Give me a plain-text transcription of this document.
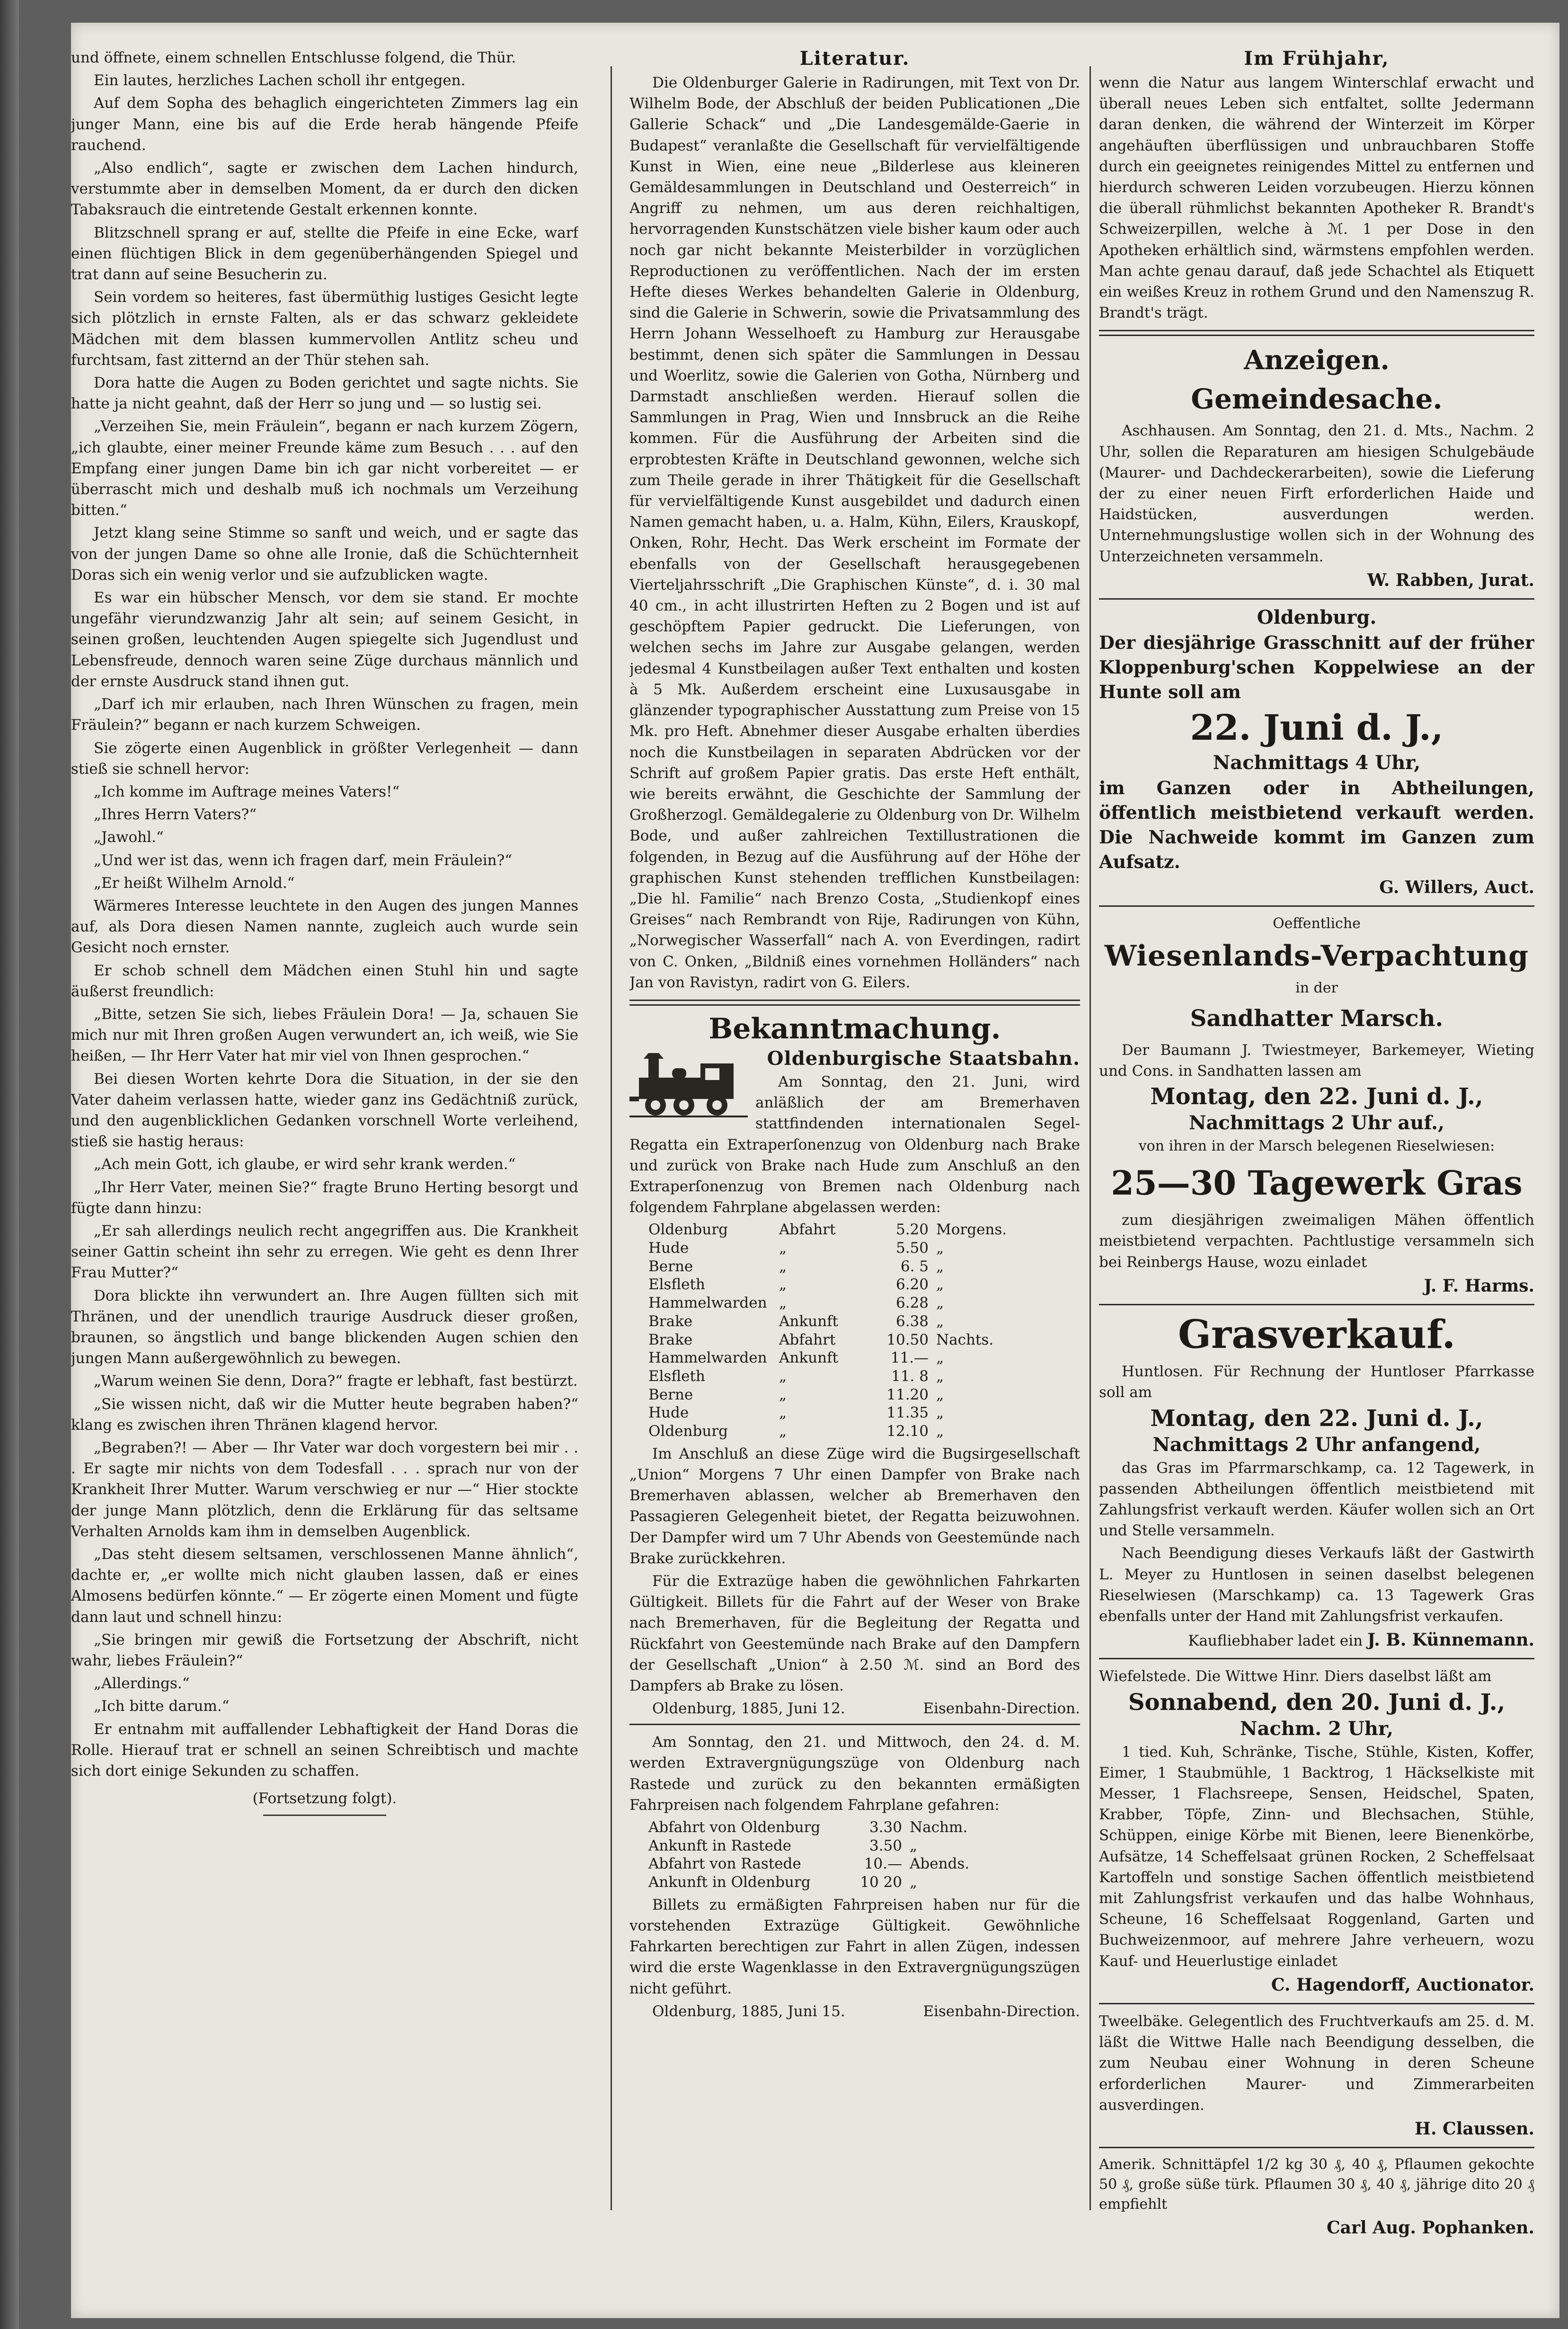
und öffnete, einem schnellen Entschlusse folgend, die Thür.

Ein lautes, herzliches Lachen scholl ihr entgegen.

Auf dem Sopha des behaglich eingerichteten Zimmers lag ein junger Mann, eine bis auf die Erde herab hängende Pfeife rauchend.

„Also endlich“, sagte er zwischen dem Lachen hindurch, verstummte aber in demselben Moment, da er durch den dicken Tabaksrauch die eintretende Gestalt erkennen konnte.

Blitzschnell sprang er auf, stellte die Pfeife in eine Ecke, warf einen flüchtigen Blick in dem gegenüberhängenden Spiegel und trat dann auf seine Besucherin zu.

Sein vordem so heiteres, fast übermüthig lustiges Gesicht legte sich plötzlich in ernste Falten, als er das schwarz gekleidete Mädchen mit dem blassen kummervollen Antlitz scheu und furchtsam, fast zitternd an der Thür stehen sah.

Dora hatte die Augen zu Boden gerichtet und sagte nichts. Sie hatte ja nicht geahnt, daß der Herr so jung und — so lustig sei.

„Verzeihen Sie, mein Fräulein“, begann er nach kurzem Zögern, „ich glaubte, einer meiner Freunde käme zum Besuch . . . auf den Empfang einer jungen Dame bin ich gar nicht vorbereitet — er überrascht mich und deshalb muß ich nochmals um Verzeihung bitten.“

Jetzt klang seine Stimme so sanft und weich, und er sagte das von der jungen Dame so ohne alle Ironie, daß die Schüchternheit Doras sich ein wenig verlor und sie aufzublicken wagte.

Es war ein hübscher Mensch, vor dem sie stand. Er mochte ungefähr vierundzwanzig Jahr alt sein; auf seinem Gesicht, in seinen großen, leuchtenden Augen spiegelte sich Jugendlust und Lebensfreude, dennoch waren seine Züge durchaus männlich und der ernste Ausdruck stand ihnen gut.

„Darf ich mir erlauben, nach Ihren Wünschen zu fragen, mein Fräulein?“ begann er nach kurzem Schweigen.

Sie zögerte einen Augenblick in größter Verlegenheit — dann stieß sie schnell hervor:

„Ich komme im Auftrage meines Vaters!“

„Ihres Herrn Vaters?“

„Jawohl.“

„Und wer ist das, wenn ich fragen darf, mein Fräulein?“

„Er heißt Wilhelm Arnold.“

Wärmeres Interesse leuchtete in den Augen des jungen Mannes auf, als Dora diesen Namen nannte, zugleich auch wurde sein Gesicht noch ernster.

Er schob schnell dem Mädchen einen Stuhl hin und sagte äußerst freundlich:

„Bitte, setzen Sie sich, liebes Fräulein Dora! — Ja, schauen Sie mich nur mit Ihren großen Augen verwundert an, ich weiß, wie Sie heißen, — Ihr Herr Vater hat mir viel von Ihnen gesprochen.“

Bei diesen Worten kehrte Dora die Situation, in der sie den Vater daheim verlassen hatte, wieder ganz ins Gedächtniß zurück, und den augenblicklichen Gedanken vorschnell Worte verleihend, stieß sie hastig heraus:

„Ach mein Gott, ich glaube, er wird sehr krank werden.“

„Ihr Herr Vater, meinen Sie?“ fragte Bruno Herting besorgt und fügte dann hinzu:

„Er sah allerdings neulich recht angegriffen aus. Die Krankheit seiner Gattin scheint ihn sehr zu erregen. Wie geht es denn Ihrer Frau Mutter?“

Dora blickte ihn verwundert an. Ihre Augen füllten sich mit Thränen, und der unendlich traurige Ausdruck dieser großen, braunen, so ängstlich und bange blickenden Augen schien den jungen Mann außergewöhnlich zu bewegen.

„Warum weinen Sie denn, Dora?“ fragte er lebhaft, fast bestürzt.

„Sie wissen nicht, daß wir die Mutter heute begraben haben?“ klang es zwischen ihren Thränen klagend hervor.

„Begraben?! — Aber — Ihr Vater war doch vorgestern bei mir . . . Er sagte mir nichts von dem Todesfall . . . sprach nur von der Krankheit Ihrer Mutter. Warum verschwieg er nur —“ Hier stockte der junge Mann plötzlich, denn die Erklärung für das seltsame Verhalten Arnolds kam ihm in demselben Augenblick.

„Das steht diesem seltsamen, verschlossenen Manne ähnlich“, dachte er, „er wollte mich nicht glauben lassen, daß er eines Almosens bedürfen könnte.“ — Er zögerte einen Moment und fügte dann laut und schnell hinzu:

„Sie bringen mir gewiß die Fortsetzung der Abschrift, nicht wahr, liebes Fräulein?“

„Allerdings.“

„Ich bitte darum.“

Er entnahm mit auffallender Lebhaftigkeit der Hand Doras die Rolle. Hierauf trat er schnell an seinen Schreibtisch und machte sich dort einige Sekunden zu schaffen.

(Fortsetzung folgt).

Literatur.

Die Oldenburger Galerie in Radirungen, mit Text von Dr. Wilhelm Bode, der Abschluß der beiden Publicationen „Die Gallerie Schack“ und „Die Landesgemälde-Gaerie in Budapest“ veranlaßte die Gesellschaft für vervielfältigende Kunst in Wien, eine neue „Bilderlese aus kleineren Gemäldesammlungen in Deutschland und Oesterreich“ in Angriff zu nehmen, um aus deren reichhaltigen, hervorragenden Kunstschätzen viele bisher kaum oder auch noch gar nicht bekannte Meisterbilder in vorzüglichen Reproductionen zu veröffentlichen. Nach der im ersten Hefte dieses Werkes behandelten Galerie in Oldenburg, sind die Galerie in Schwerin, sowie die Privatsammlung des Herrn Johann Wesselhoeft zu Hamburg zur Herausgabe bestimmt, denen sich später die Sammlungen in Dessau und Woerlitz, sowie die Galerien von Gotha, Nürnberg und Darmstadt anschließen werden. Hierauf sollen die Sammlungen in Prag, Wien und Innsbruck an die Reihe kommen. Für die Ausführung der Arbeiten sind die erprobtesten Kräfte in Deutschland gewonnen, welche sich zum Theile gerade in ihrer Thätigkeit für die Gesellschaft für vervielfältigende Kunst ausgebildet und dadurch einen Namen gemacht haben, u. a. Halm, Kühn, Eilers, Krauskopf, Onken, Rohr, Hecht. Das Werk erscheint im Formate der ebenfalls von der Gesellschaft herausgegebenen Vierteljahrsschrift „Die Graphischen Künste“, d. i. 30 mal 40 cm., in acht illustrirten Heften zu 2 Bogen und ist auf geschöpftem Papier gedruckt. Die Lieferungen, von welchen sechs im Jahre zur Ausgabe gelangen, werden jedesmal 4 Kunstbeilagen außer Text enthalten und kosten à 5 Mk. Außerdem erscheint eine Luxusausgabe in glänzender typographischer Ausstattung zum Preise von 15 Mk. pro Heft. Abnehmer dieser Ausgabe erhalten überdies noch die Kunstbeilagen in separaten Abdrücken vor der Schrift auf großem Papier gratis. Das erste Heft enthält, wie bereits erwähnt, die Geschichte der Sammlung der Großherzogl. Gemäldegalerie zu Oldenburg von Dr. Wilhelm Bode, und außer zahlreichen Textillustrationen die folgenden, in Bezug auf die Ausführung auf der Höhe der graphischen Kunst stehenden trefflichen Kunstbeilagen: „Die hl. Familie“ nach Brenzo Costa, „Studienkopf eines Greises“ nach Rembrandt von Rije, Radirungen von Kühn, „Norwegischer Wasserfall“ nach A. von Everdingen, radirt von C. Onken, „Bildniß eines vornehmen Holländers“ nach Jan von Ravistyn, radirt von G. Eilers.

Bekanntmachung.
Oldenburgische Staatsbahn.

Am Sonntag, den 21. Juni, wird anläßlich der am Bremerhaven stattfindenden internationalen Segel-Regatta ein Extraperſonenzug von Oldenburg nach Brake und zurück von Brake nach Hude zum Anschluß an den Extraperſonenzug von Bremen nach Oldenburg nach folgendem Fahrplane abgelassen werden:

Oldenburg	Abfahrt	5.20	Morgens.
Hude	„	5.50	„
Berne	„	6. 5	„
Elsfleth	„	6.20	„
Hammelwarden	„	6.28	„
Brake	Ankunft	6.38	„
Brake	Abfahrt	10.50	Nachts.
Hammelwarden	Ankunft	11.—	„
Elsfleth	„	11. 8	„
Berne	„	11.20	„
Hude	„	11.35	„
Oldenburg	„	12.10	„

Im Anschluß an diese Züge wird die Bugsirgesellschaft „Union“ Morgens 7 Uhr einen Dampfer von Brake nach Bremerhaven ablassen, welcher ab Bremerhaven den Passagieren Gelegenheit bietet, der Regatta beizuwohnen. Der Dampfer wird um 7 Uhr Abends von Geestemünde nach Brake zurückkehren.

Für die Extrazüge haben die gewöhnlichen Fahrkarten Gültigkeit. Billets für die Fahrt auf der Weser von Brake nach Bremerhaven, für die Begleitung der Regatta und Rückfahrt von Geestemünde nach Brake auf den Dampfern der Gesellschaft „Union“ à 2.50 ℳ. sind an Bord des Dampfers ab Brake zu lösen.

Oldenburg, 1885, Juni 12.	Eisenbahn-Direction.

Am Sonntag, den 21. und Mittwoch, den 24. d. M. werden Extravergnügungszüge von Oldenburg nach Rastede und zurück zu den bekannten ermäßigten Fahrpreisen nach folgendem Fahrplane gefahren:

Abfahrt von Oldenburg	3.30	Nachm.
Ankunft in Rastede	3.50	„
Abfahrt von Rastede	10.—	Abends.
Ankunft in Oldenburg	10 20	„

Billets zu ermäßigten Fahrpreisen haben nur für die vorstehenden Extrazüge Gültigkeit. Gewöhnliche Fahrkarten berechtigen zur Fahrt in allen Zügen, indessen wird die erste Wagenklasse in den Extravergnügungszügen nicht geführt.

Oldenburg, 1885, Juni 15.	Eisenbahn-Direction.
Im Frühjahr,

wenn die Natur aus langem Winterschlaf erwacht und überall neues Leben sich entfaltet, sollte Jedermann daran denken, die während der Winterzeit im Körper angehäuften überflüssigen und unbrauchbaren Stoffe durch ein geeignetes reinigendes Mittel zu entfernen und hierdurch schweren Leiden vorzubeugen. Hierzu können die überall rühmlichst bekannten Apotheker R. Brandt's Schweizerpillen, welche à ℳ. 1 per Dose in den Apotheken erhältlich sind, wärmstens empfohlen werden. Man achte genau darauf, daß jede Schachtel als Etiquett ein weißes Kreuz in rothem Grund und den Namenszug R. Brandt's trägt.

Anzeigen.
Gemeindesache.

Aschhausen. Am Sonntag, den 21. d. Mts., Nachm. 2 Uhr, sollen die Reparaturen am hiesigen Schulgebäude (Maurer- und Dachdeckerarbeiten), sowie die Lieferung der zu einer neuen Firft erforderlichen Haide und Haidstücken, ausverdungen werden. Unternehmungslustige wollen sich in der Wohnung des Unterzeichneten versammeln.

W. Rabben, Jurat.

Oldenburg.

Der diesjährige Grasschnitt auf der früher Kloppenburg'schen Koppelwiese an der Hunte soll am

22. Juni d. J.,
Nachmittags 4 Uhr,

im Ganzen oder in Abtheilungen, öffentlich meistbietend verkauft werden. Die Nachweide kommt im Ganzen zum Aufsatz.

G. Willers, Auct.

Oeffentliche

Wiesenlands-Verpachtung

in der

Sandhatter Marsch.

Der Baumann J. Twiestmeyer, Barkemeyer, Wieting und Cons. in Sandhatten lassen am

Montag, den 22. Juni d. J.,
Nachmittags 2 Uhr auf.,

von ihren in der Marsch belegenen Rieselwiesen:

25—30 Tagewerk Gras

zum diesjährigen zweimaligen Mähen öffentlich meistbietend verpachten. Pachtlustige versammeln sich bei Reinbergs Hause, wozu einladet

J. F. Harms.

Grasverkauf.

Huntlosen. Für Rechnung der Huntloser Pfarrkasse soll am

Montag, den 22. Juni d. J.,
Nachmittags 2 Uhr anfangend,

das Gras im Pfarrmarschkamp, ca. 12 Tagewerk, in passenden Abtheilungen öffentlich meistbietend mit Zahlungsfrist verkauft werden. Käufer wollen sich an Ort und Stelle versammeln.

Nach Beendigung dieses Verkaufs läßt der Gastwirth L. Meyer zu Huntlosen in seinen daselbst belegenen Rieselwiesen (Marschkamp) ca. 13 Tagewerk Gras ebenfalls unter der Hand mit Zahlungsfrist verkaufen.

Kaufliebhaber ladet ein J. B. Künnemann.

Wiefelstede. Die Wittwe Hinr. Diers daselbst läßt am

Sonnabend, den 20. Juni d. J.,
Nachm. 2 Uhr,

1 tied. Kuh, Schränke, Tische, Stühle, Kisten, Koffer, Eimer, 1 Staubmühle, 1 Backtrog, 1 Häckselkiste mit Messer, 1 Flachsreepe, Sensen, Heidschel, Spaten, Krabber, Töpfe, Zinn- und Blechsachen, Stühle, Schüppen, einige Körbe mit Bienen, leere Bienenkörbe, Aufsätze, 14 Scheffelsaat grünen Rocken, 2 Scheffelsaat Kartoffeln und sonstige Sachen öffentlich meistbietend mit Zahlungsfrist verkaufen und das halbe Wohnhaus, Scheune, 16 Scheffelsaat Roggenland, Garten und Buchweizenmoor, auf mehrere Jahre verheuern, wozu Kauf- und Heuerlustige einladet

C. Hagendorff, Auctionator.

Tweelbäke. Gelegentlich des Fruchtverkaufs am 25. d. M. läßt die Wittwe Halle nach Beendigung desselben, die zum Neubau einer Wohnung in deren Scheune erforderlichen Maurer- und Zimmerarbeiten ausverdingen.

H. Claussen.

Amerik. Schnittäpfel 1/2 kg 30 ₰, 40 ₰, Pflaumen gekochte 50 ₰, große süße türk. Pflaumen 30 ₰, 40 ₰, jährige dito 20 ₰ empfiehlt

Carl Aug. Pophanken.
